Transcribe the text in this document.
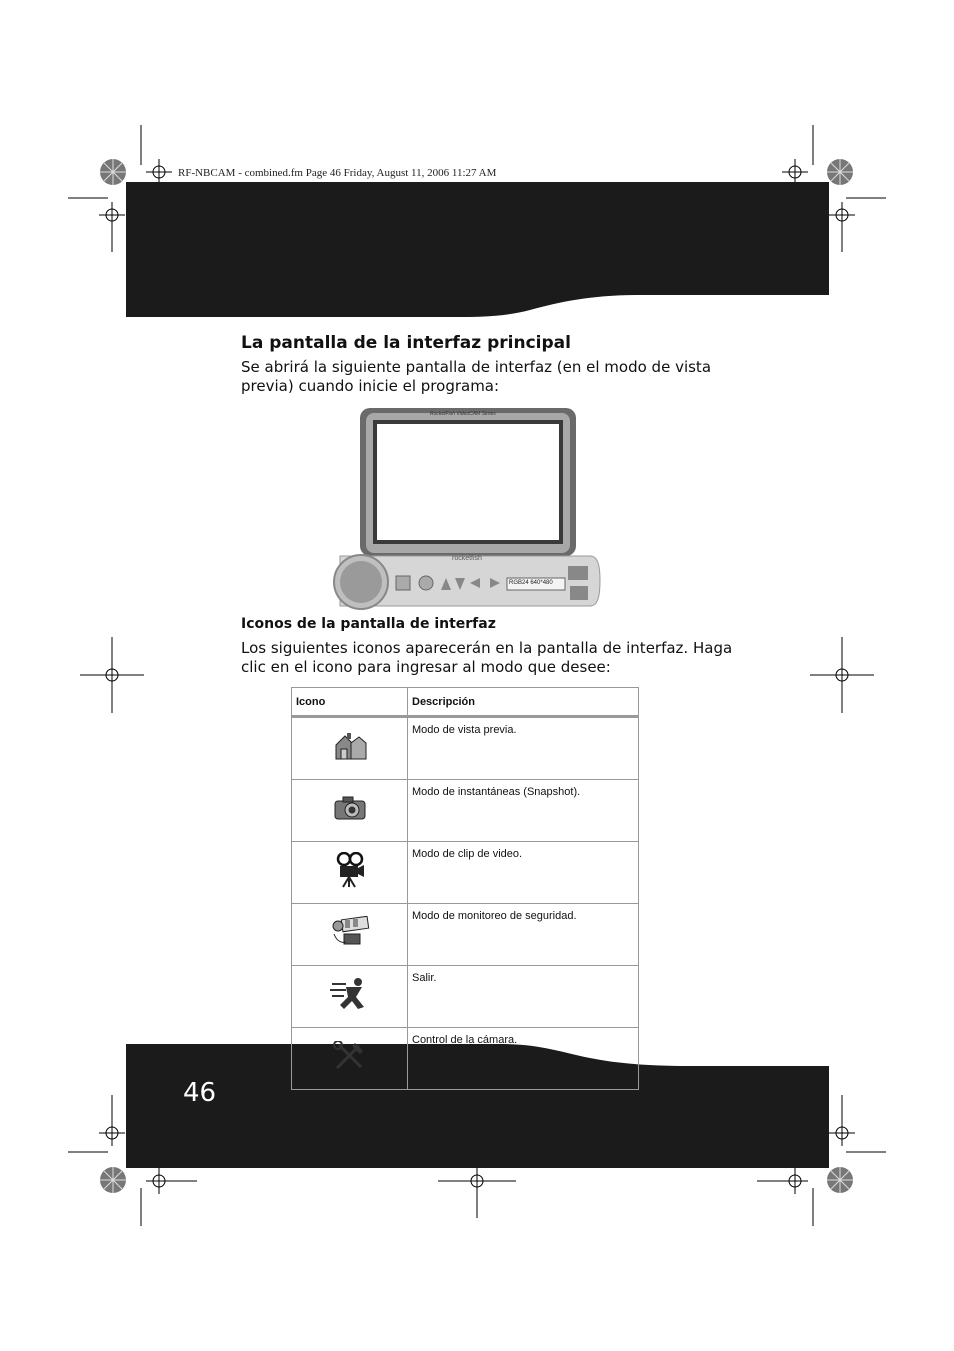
RF-NBCAM - combined.fm Page 46 Friday, August 11, 2006 11:27 AM
La pantalla de la interfaz principal
Se abrirá la siguiente pantalla de interfaz (en el modo de vista previa) cuando inicie el programa:
RocketFish VideoCAM Series
rocketfish
RGB24 640*480
Iconos de la pantalla de interfaz
Los siguientes iconos aparecerán en la pantalla de interfaz. Haga clic en el icono para ingresar al modo que desee:
Icono	Descripción
	Modo de vista previa.
	Modo de instantáneas (Snapshot).
	Modo de clip de video.
	Modo de monitoreo de seguridad.
	Salir.
	Control de la cámara.
46
